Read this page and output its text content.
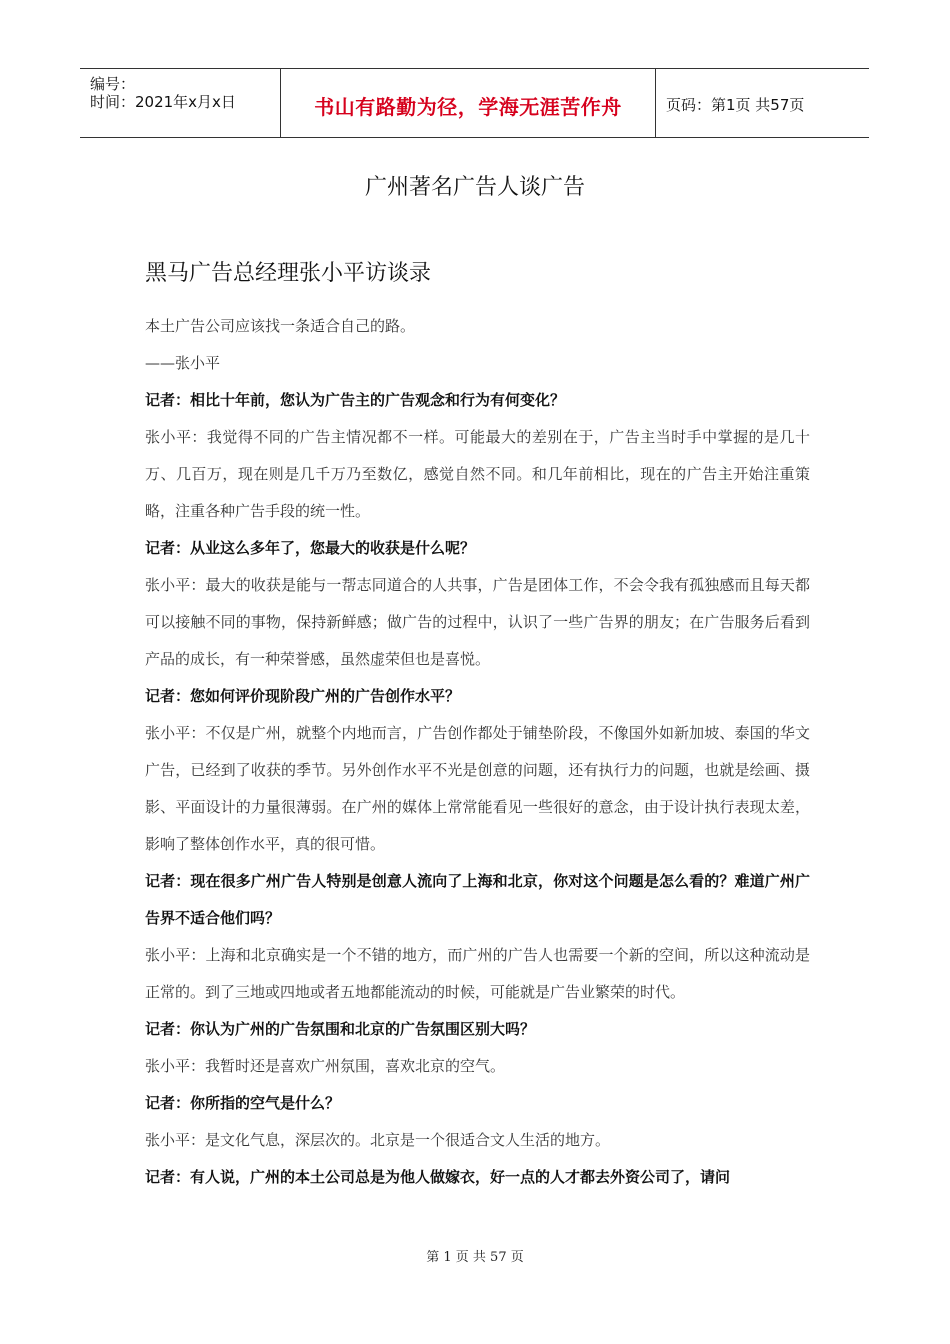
编号：
时间：2021年x月x日	书山有路勤为径，学海无涯苦作舟	页码：第1页 共57页
广州著名广告人谈广告
黑马广告总经理张小平访谈录

本土广告公司应该找一条适合自己的路。

——张小平

记者：相比十年前，您认为广告主的广告观念和行为有何变化？

张小平：我觉得不同的广告主情况都不一样。可能最大的差别在于，广告主当时手中掌握的是几十万、几百万，现在则是几千万乃至数亿，感觉自然不同。和几年前相比，现在的广告主开始注重策略，注重各种广告手段的统一性。

记者：从业这么多年了，您最大的收获是什么呢？

张小平：最大的收获是能与一帮志同道合的人共事，广告是团体工作，不会令我有孤独感而且每天都可以接触不同的事物，保持新鲜感；做广告的过程中，认识了一些广告界的朋友；在广告服务后看到产品的成长，有一种荣誉感，虽然虚荣但也是喜悦。

记者：您如何评价现阶段广州的广告创作水平？

张小平：不仅是广州，就整个内地而言，广告创作都处于铺垫阶段，不像国外如新加坡、泰国的华文广告，已经到了收获的季节。另外创作水平不光是创意的问题，还有执行力的问题，也就是绘画、摄影、平面设计的力量很薄弱。在广州的媒体上常常能看见一些很好的意念，由于设计执行表现太差，影响了整体创作水平，真的很可惜。

记者：现在很多广州广告人特别是创意人流向了上海和北京，你对这个问题是怎么看的？难道广州广告界不适合他们吗？

张小平：上海和北京确实是一个不错的地方，而广州的广告人也需要一个新的空间，所以这种流动是正常的。到了三地或四地或者五地都能流动的时候，可能就是广告业繁荣的时代。

记者：你认为广州的广告氛围和北京的广告氛围区别大吗？

张小平：我暂时还是喜欢广州氛围，喜欢北京的空气。

记者：你所指的空气是什么？

张小平：是文化气息，深层次的。北京是一个很适合文人生活的地方。

记者：有人说，广州的本土公司总是为他人做嫁衣，好一点的人才都去外资公司了，请问

第 1 页 共 57 页
